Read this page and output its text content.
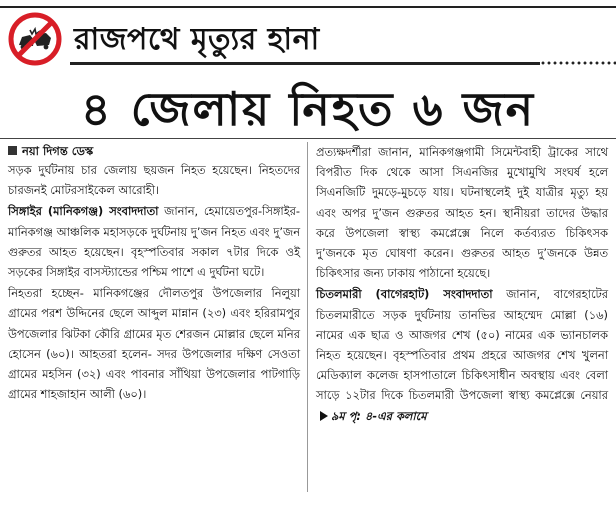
রাজপথে মৃত্যুর হানা
৪ জেলায় নিহত ৬ জন
নয়া দিগন্ত ডেস্ক

সড়ক দুর্ঘটনায় চার জেলায় ছয়জন নিহত হয়েছেন। নিহতদের চারজনই মোটরসাইকেল আরোহী।

সিঙ্গাইর (মানিকগঞ্জ) সংবাদদাতা জানান, হেমায়েতপুর-সিঙ্গাইর-মানিকগঞ্জ আঞ্চলিক মহাসড়কে দুর্ঘটনায় দু’জন নিহত এবং দু’জন গুরুতর আহত হয়েছেন। বৃহস্পতিবার সকাল ৭টার দিকে ওই সড়কের সিঙ্গাইর বাসস্ট্যান্ডের পশ্চিম পাশে এ দুর্ঘটনা ঘটে।

নিহতরা হচ্ছেন- মানিকগঞ্জের দৌলতপুর উপজেলার নিলুয়া গ্রামের পরশ উদ্দিনের ছেলে আব্দুল মান্নান (২৩) এবং হরিরামপুর উপজেলার ঝিটকা কৌরি গ্রামের মৃত শেরজন মোল্লার ছেলে মনির হোসেন (৬০)। আহতরা হলেন- সদর উপজেলার দক্ষিণ সেওতা গ্রামের মহসিন (৩২) এবং পাবনার সাঁথিয়া উপজেলার পাটগাড়ি গ্রামের শাহজাহান আলী (৬০)।

প্রত্যক্ষদর্শীরা জানান, মানিকগঞ্জগামী সিমেন্টবাহী ট্রাকের সাথে বিপরীত দিক থেকে আসা সিএনজির মুখোমুখি সংঘর্ষ হলে সিএনজিটি দুমড়ে-মুচড়ে যায়। ঘটনাস্থলেই দুই যাত্রীর মৃত্যু হয় এবং অপর দু’জন গুরুতর আহত হন। স্থানীয়রা তাদের উদ্ধার করে উপজেলা স্বাস্থ্য কমপ্লেক্সে নিলে কর্তব্যরত চিকিৎসক দু’জনকে মৃত ঘোষণা করেন। গুরুতর আহত দু’জনকে উন্নত চিকিৎসার জন্য ঢাকায় পাঠানো হয়েছে।

চিতলমারী (বাগেরহাট) সংবাদদাতা জানান, বাগেরহাটের চিতলমারীতে সড়ক দুর্ঘটনায় তানভির আহম্মেদ মোল্লা (১৬) নামের এক ছাত্র ও আজগর শেখ (৫০) নামের এক ভ্যানচালক নিহত হয়েছেন। বৃহস্পতিবার প্রথম প্রহরে আজগর শেখ খুলনা মেডিক্যাল কলেজ হাসপাতালে চিকিৎসাধীন অবস্থায় এবং বেলা সাড়ে ১২টার দিকে চিতলমারী উপজেলা স্বাস্থ্য কমপ্লেক্সে নেয়ার৯ম পৃ: ৪-এর কলামে
